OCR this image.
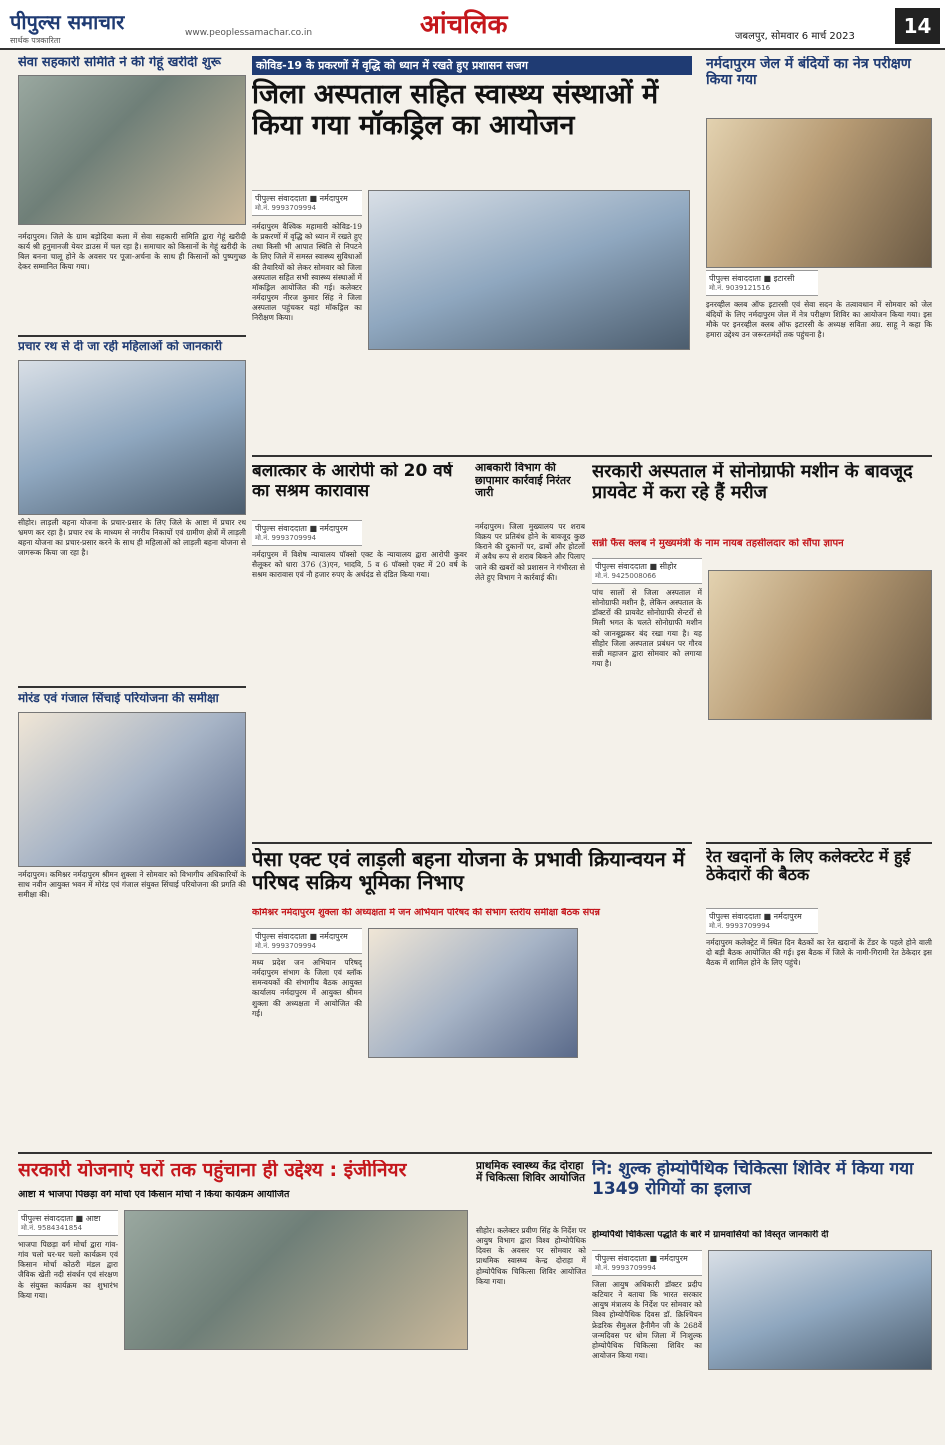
पीपुल्स समाचार
सार्थक पत्रकारिता
www.peoplessamachar.co.in	आंचलिक	जबलपुर, सोमवार 6 मार्च 2023	14
सेवा सहकारी समिति ने की गेहूं खरीदी शुरू
नर्मदापुरम। जिले के ग्राम बड़ोदिया कला में सेवा सहकारी समिति द्वारा गेहूं खरीदी कार्य श्री हनुमानजी येयर डाउस में चल रहा है। समाचार को किसानों के गेहूं खरीदी के बिल बनना चालू होने के अवसर पर पूजा-अर्चना के साथ ही किसानों को पुष्पगुच्छ देकर सम्मानित किया गया।
प्रचार रथ से दी जा रही महिलाओं को जानकारी
सीहोर। लाड़ली बहना योजना के प्रचार-प्रसार के लिए जिले के आष्टा में प्रचार रथ भ्रमण कर रहा है। प्रचार रथ के माध्यम से नगरीय निकायों एवं ग्रामीण क्षेत्रों में लाड़ली बहना योजना का प्रचार-प्रसार करने के साथ ही महिलाओं को लाड़ली बहना योजना से जागरूक किया जा रहा है।
मोरंड एवं गंजाल सिंचाई परियोजना की समीक्षा
नर्मदापुरम। कमिश्नर नर्मदापुरम श्रीमन शुक्ला ने सोमवार को विभागीय अधिकारियों के साथ नवीन आयुक्त भवन में मोरंड एवं गंजाल संयुक्त सिंचाई परियोजना की प्रगति की समीक्षा की।
कोविड-19 के प्रकरणों में वृद्धि को ध्यान में रखते हुए प्रशासन सजग
जिला अस्पताल सहित स्वास्थ्य संस्थाओं में किया गया मॉकड्रिल का आयोजन
पीपुल्स संवाददाता ■ नर्मदापुरम
मो.नं. 9993709994
नर्मदापुरम वैश्विक महामारी कोविड-19 के प्रकरणों में वृद्धि को ध्यान में रखते हुए तथा किसी भी आपात स्थिति से निपटने के लिए जिले में समस्त स्वास्थ्य सुविधाओं की तैयारियों को लेकर सोमवार को जिला अस्पताल सहित सभी स्वास्थ्य संस्थाओं में मॉकड्रिल आयोजित की गई। कलेक्टर नर्मदापुरम नीरज कुमार सिंह ने जिला अस्पताल पहुंचकर यहां मॉकड्रिल का निरीक्षण किया।
नर्मदापुरम जेल में बंदियों का नेत्र परीक्षण किया गया
पीपुल्स संवाददाता ■ इटारसी
मो.नं. 9039121516
इनरव्हील क्लब ऑफ इटारसी एवं सेवा सदन के तत्वावधान में सोमवार को जेल बंदियों के लिए नर्मदापुरम जेल में नेत्र परीक्षण शिविर का आयोजन किया गया। इस मौके पर इनरव्हील क्लब ऑफ इटारसी के अध्यक्ष सविता अग्र. साहू ने कहा कि हमारा उद्देश्य उन जरूरतमंदों तक पहुंचना है।
बलात्कार के आरोपी को 20 वर्ष का सश्रम कारावास
पीपुल्स संवाददाता ■ नर्मदापुरम
मो.नं. 9993709994
नर्मदापुरम में विशेष न्यायालय पॉक्सो एक्ट के न्यायालय द्वारा आरोपी कुवर सैलूकर को धारा 376 (3)एन, भादवि, 5 व 6 पॉक्सो एक्ट में 20 वर्ष के सश्रम कारावास एवं नौ हजार रुपए के अर्थदंड से दंडित किया गया।
आबकारी विभाग की छापामार कार्रवाई निरंतर जारी
नर्मदापुरम। जिला मुख्यालय पर शराब विक्रय पर प्रतिबंध होने के बावजूद कुछ किराने की दुकानों पर, ढाबों और होटलों में अवैध रूप से शराब बिकने और पिलाए जाने की खबरों को प्रशासन ने गंभीरता से लेते हुए विभाग ने कार्रवाई की।
सरकारी अस्पताल में सोनोग्राफी मशीन के बावजूद प्रायवेट में करा रहे हैं मरीज
सन्नी फैंस क्लब ने मुख्यमंत्री के नाम नायब तहसीलदार को सौंपा ज्ञापन
पीपुल्स संवाददाता ■ सीहोर
मो.नं. 9425008066
पांच सालों से जिला अस्पताल में सोनोग्राफी मशीन है, लेकिन अस्पताल के डॉक्टरों की प्रायवेट सोनोग्राफी सेन्टरों से मिली भगत के चलते सोनोग्राफी मशीन को जानबूझकर बंद रखा गया है। यह सीहोर जिला अस्पताल प्रबंधन पर गौरव सन्नी महाजन द्वारा सोमवार को लगाया गया है।
पेसा एक्ट एवं लाड़ली बहना योजना के प्रभावी क्रियान्वयन में परिषद सक्रिय भूमिका निभाए
कमिश्नर नर्मदापुरम शुक्ला की अध्यक्षता में जन अभियान परिषद की संभाग स्तरीय समीक्षा बैठक संपन्न
पीपुल्स संवाददाता ■ नर्मदापुरम
मो.नं. 9993709994
मध्य प्रदेश जन अभियान परिषद् नर्मदापुरम संभाग के जिला एवं ब्लॉक समन्वयकों की संभागीय बैठक आयुक्त कार्यालय नर्मदापुरम में आयुक्त श्रीमन शुक्ला की अध्यक्षता में आयोजित की गई।
रेत खदानों के लिए कलेक्टरेट में हुई ठेकेदारों की बैठक
पीपुल्स संवाददाता ■ नर्मदापुरम
मो.नं. 9993709994
नर्मदापुरम कलेक्ट्रेट में स्थित दिन बैठकों का रेत खदानों के टेंडर के पहले होने वाली दो बड़ी बैठक आयोजित की गई। इस बैठक में जिले के नामी-गिरामी रेत ठेकेदार इस बैठक में शामिल होने के लिए पहुंचे।
सरकारी योजनाएं घरों तक पहुंचाना ही उद्देश्य : इंजीनियर
आष्टा में भाजपा पिछड़ा वर्ग मोर्चा एवं किसान मोर्चा ने किया कार्यक्रम आयोजित
पीपुल्स संवाददाता ■ आष्टा
मो.नं. 9584341854
भाजपा पिछड़ा वर्ग मोर्चा द्वारा गांव-गांव चलो घर-घर चलो कार्यक्रम एवं किसान मोर्चा कोठरी मंडल द्वारा जैविक खेती नदी संवर्धन एवं संरक्षण के संयुक्त कार्यक्रम का शुभारंभ किया गया।
प्राथमिक स्वास्थ्य केंद्र दोराहा में चिकित्सा शिविर आयोजित
सीहोर। कलेक्टर प्रवीण सिंह के निर्देश पर आयुष विभाग द्वारा विश्व होम्योपैथिक दिवस के अवसर पर सोमवार को प्राथमिक स्वास्थ्य केन्द्र दोराहा में होम्योपैथिक चिकित्सा शिविर आयोजित किया गया।
नि: शुल्क होम्योपैथिक चिकित्सा शिविर में किया गया 1349 रोगियों का इलाज
होम्योपैथी चिकित्सा पद्धति के बारे में ग्रामवासियों को विस्तृत जानकारी दी
पीपुल्स संवाददाता ■ नर्मदापुरम
मो.नं. 9993709994
जिला आयुष अधिकारी डॉक्टर प्रदीप कटियार ने बताया कि भारत सरकार आयुष मंत्रालय के निर्देश पर सोमवार को विश्व होम्योपैथिक दिवस डॉ. क्रिश्चियन फ्रेडरिक सैमुअल हैनीमैन जी के 268वें जन्मदिवस पर धोम जिला में निःशुल्क होम्योपैथिक चिकित्सा शिविर का आयोजन किया गया।
